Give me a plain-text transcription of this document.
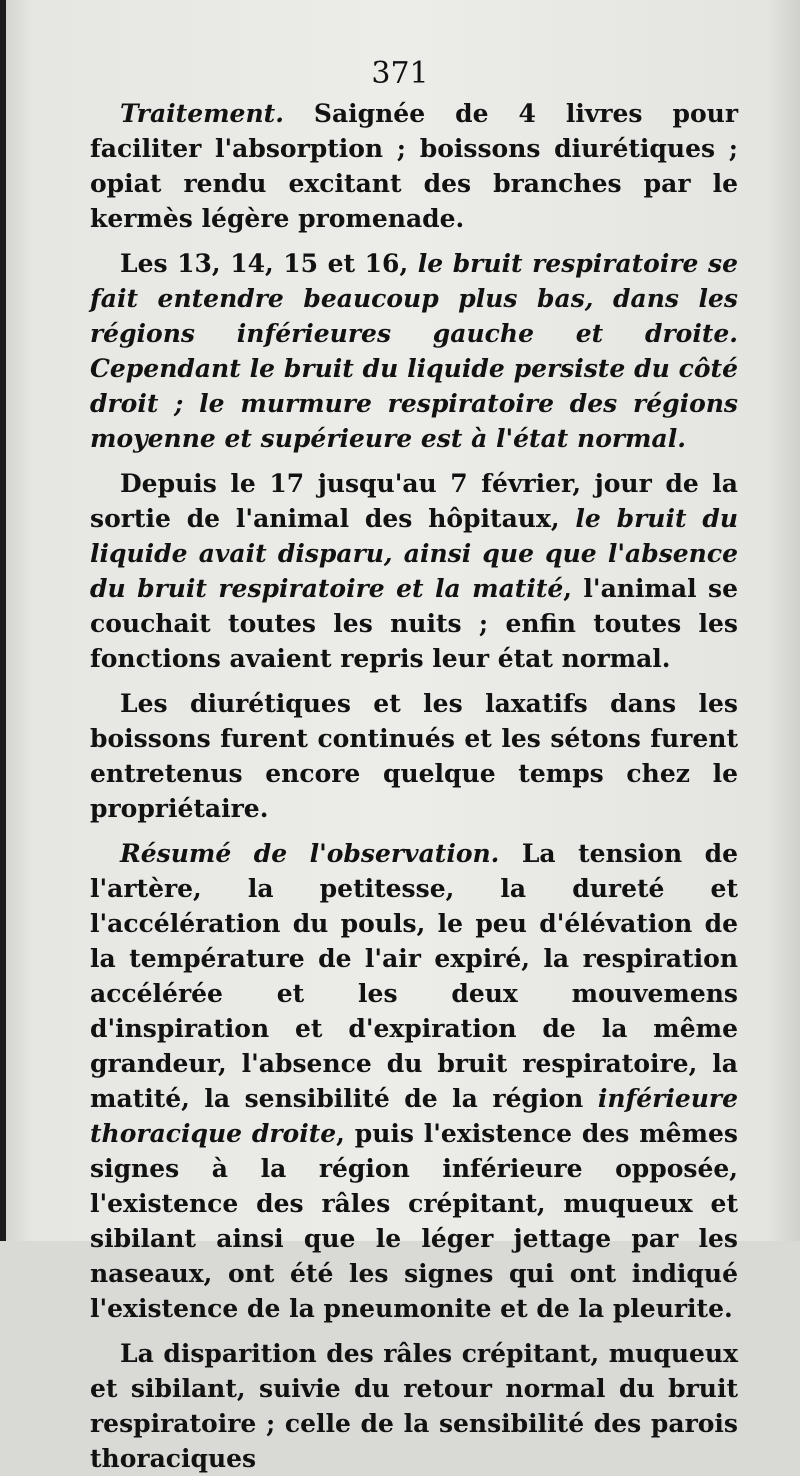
371

Traitement. Saignée de 4 livres pour faciliter l'absorption ; boissons diurétiques ; opiat rendu excitant des branches par le kermès légère promenade.

Les 13, 14, 15 et 16, le bruit respiratoire se fait entendre beaucoup plus bas, dans les régions inférieures gauche et droite. Cependant le bruit du liquide persiste du côté droit ; le murmure respiratoire des régions moyenne et supérieure est à l'état normal.

Depuis le 17 jusqu'au 7 février, jour de la sortie de l'animal des hôpitaux, le bruit du liquide avait disparu, ainsi que que l'absence du bruit respiratoire et la matité, l'animal se couchait toutes les nuits ; enfin toutes les fonctions avaient repris leur état normal.

Les diurétiques et les laxatifs dans les boissons furent continués et les sétons furent entretenus encore quelque temps chez le propriétaire.

Résumé de l'observation. La tension de l'artère, la petitesse, la dureté et l'accélération du pouls, le peu d'élévation de la température de l'air expiré, la respiration accélérée et les deux mouvemens d'inspiration et d'expiration de la même grandeur, l'absence du bruit respiratoire, la matité, la sensibilité de la région inférieure thoracique droite, puis l'existence des mêmes signes à la région inférieure opposée, l'existence des râles crépitant, muqueux et sibilant ainsi que le léger jettage par les naseaux, ont été les signes qui ont indiqué l'existence de la pneumonite et de la pleurite.

La disparition des râles crépitant, muqueux et sibilant, suivie du retour normal du bruit respiratoire ; celle de la sensibilité des parois thoraciques
